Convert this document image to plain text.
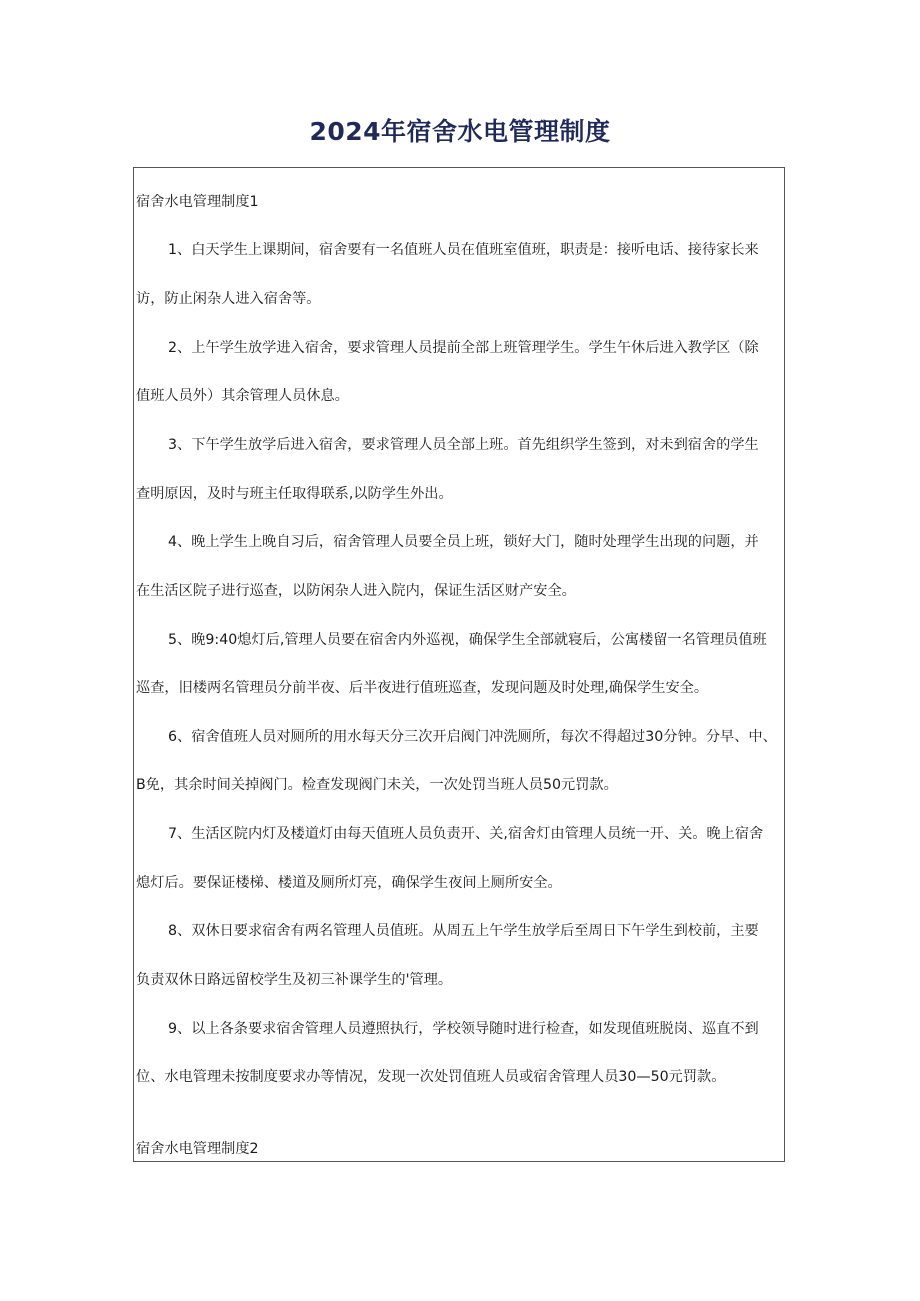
2024年宿舍水电管理制度

宿舍水电管理制度1

1、白天学生上课期间，宿舍要有一名值班人员在值班室值班，职责是：接听电话、接待家长来

访，防止闲杂人进入宿舍等。

2、上午学生放学进入宿舍，要求管理人员提前全部上班管理学生。学生午休后进入教学区（除

值班人员外）其余管理人员休息。

3、下午学生放学后进入宿舍，要求管理人员全部上班。首先组织学生签到，对未到宿舍的学生

查明原因，及时与班主任取得联系,以防学生外出。

4、晚上学生上晚自习后，宿舍管理人员要全员上班，锁好大门，随时处理学生出现的问题，并

在生活区院子进行巡查，以防闲杂人进入院内，保证生活区财产安全。

5、晚9:40熄灯后,管理人员要在宿舍内外巡视，确保学生全部就寝后，公寓楼留一名管理员值班

巡查，旧楼两名管理员分前半夜、后半夜进行值班巡查，发现问题及时处理,确保学生安全。

6、宿舍值班人员对厕所的用水每天分三次开启阀门冲洗厕所，每次不得超过30分钟。分早、中、

B免，其余时间关掉阀门。检查发现阀门未关，一次处罚当班人员50元罚款。

7、生活区院内灯及楼道灯由每天值班人员负责开、关,宿舍灯由管理人员统一开、关。晚上宿舍

熄灯后。要保证楼梯、楼道及厕所灯亮，确保学生夜间上厕所安全。

8、双休日要求宿舍有两名管理人员值班。从周五上午学生放学后至周日下午学生到校前，主要

负责双休日路远留校学生及初三补课学生的'管理。

9、以上各条要求宿舍管理人员遵照执行，学校领导随时进行检查，如发现值班脱岗、巡直不到

位、水电管理未按制度要求办等情况，发现一次处罚值班人员或宿舍管理人员30—50元罚款。

宿舍水电管理制度2
